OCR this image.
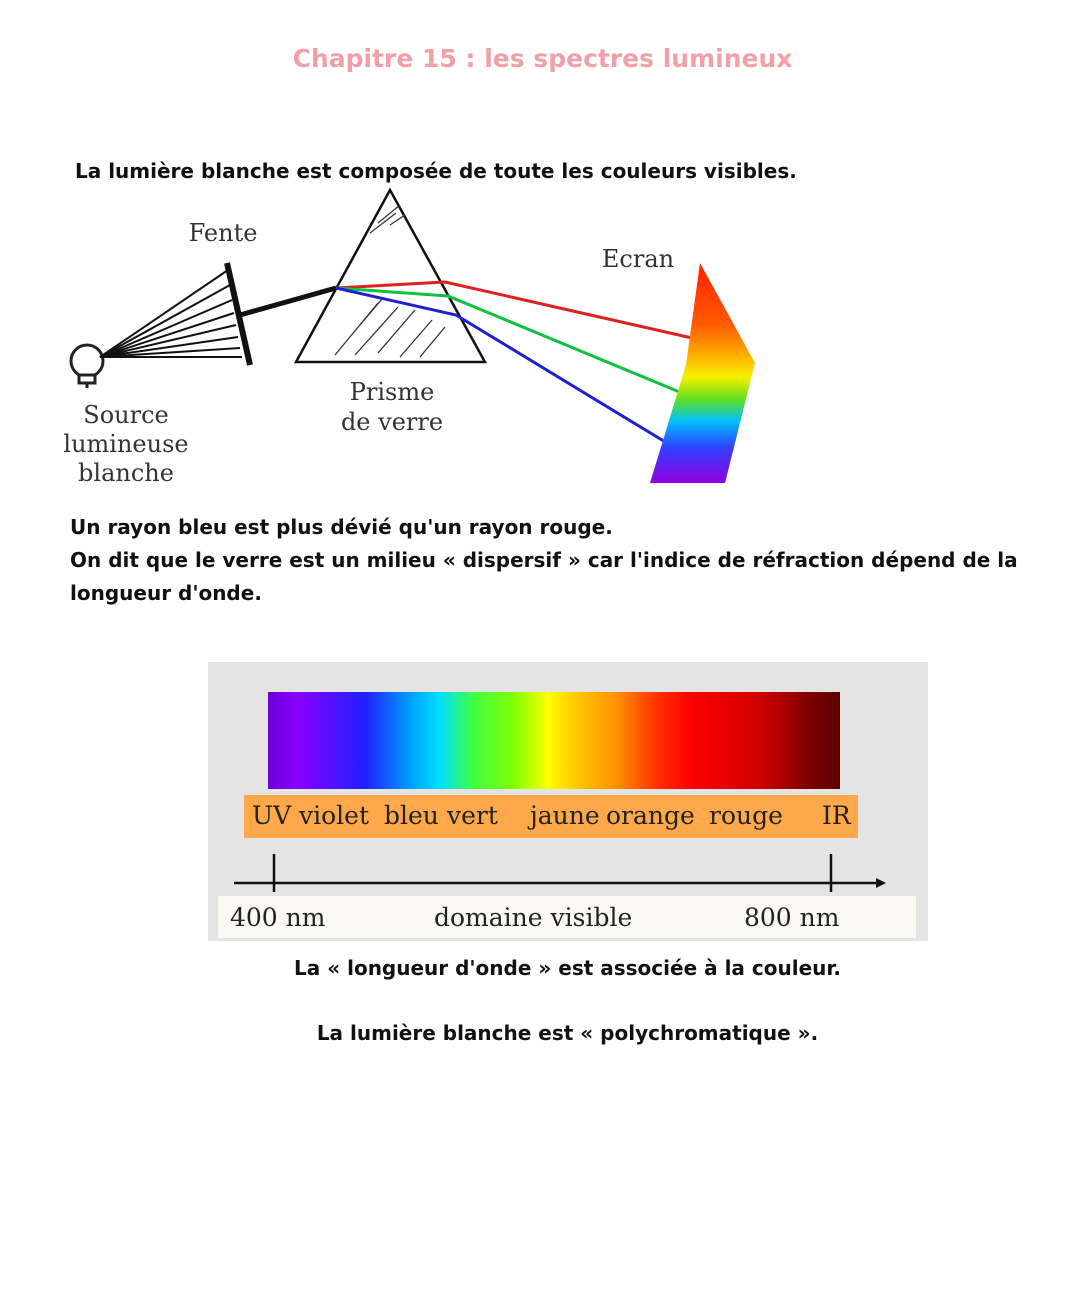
Chapitre 15 : les spectres lumineux
La lumière blanche est composée de toute les couleurs visibles.
Fente
Ecran
Prisme
de verre
Source
lumineuse
blanche
Un rayon bleu est plus dévié qu'un rayon rouge.
On dit que le verre est un milieu « dispersif » car l'indice de réfraction dépend de la
longueur d'onde.
UV violet bleu vert jaune orange rouge IR
400 nm	domaine visible	800 nm
La « longueur d'onde » est associée à la couleur.
La lumière blanche est « polychromatique ».
